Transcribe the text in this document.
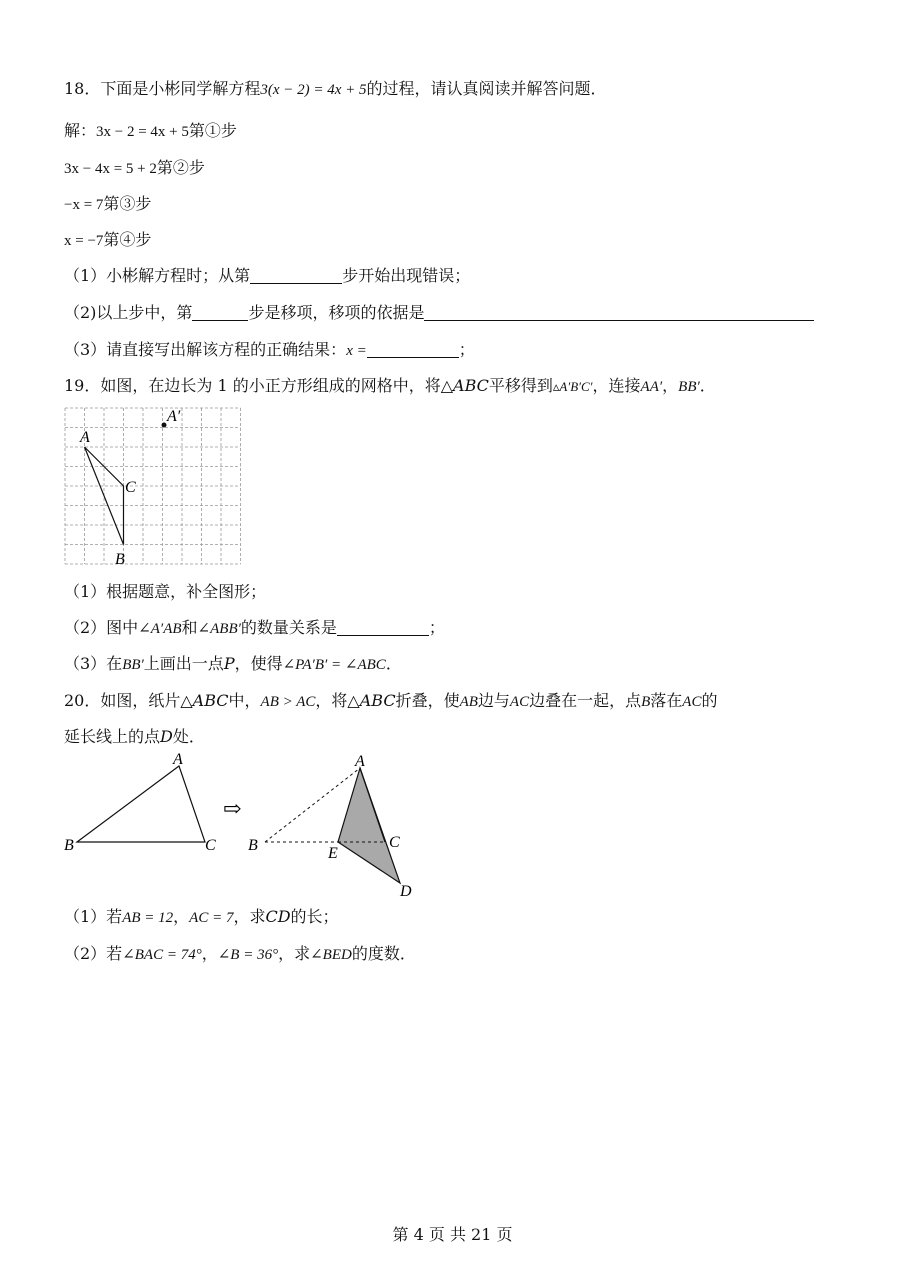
18．下面是小彬同学解方程3(x − 2) = 4x + 5的过程，请认真阅读并解答问题．
解：3x − 2 = 4x + 5第①步
3x − 4x = 5 + 2第②步
−x = 7第③步
x = −7第④步
（1）小彬解方程时；从第	步开始出现错误；
（2)以上步中，第	步是移项，移项的依据是
（3）请直接写出解该方程的正确结果：x =	；
19．如图，在边长为 1 的小正方形组成的网格中，将△ABC平移得到▵A′B′C′，连接AA′，BB′．
A
C
B
A′
（1）根据题意，补全图形；
（2）图中∠A′AB和∠ABB′的数量关系是	；
（3）在BB′上画出一点P，使得∠PA′B′ = ∠ABC．
20．如图，纸片△ABC中，AB > AC，将△ABC折叠，使AB边与AC边叠在一起，点B落在AC的
延长线上的点D处．
A
B	C
⇨
A
B	C
E
D
（1）若AB = 12，AC = 7，求CD的长；
（2）若∠BAC = 74°，∠B = 36°，求∠BED的度数．
第 4 页 共 21 页
